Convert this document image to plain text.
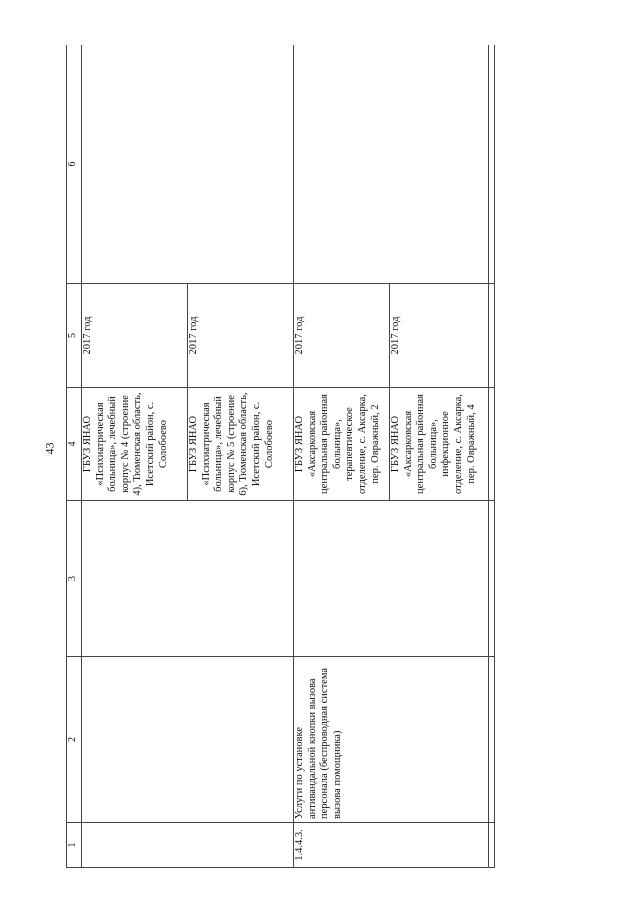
43
1	2	3	4	5	6
			ГБУЗ ЯНАО «Психиатрическая больница», лечебный корпус № 4 (строение 4), Тюменская область, Исетский район, с. Солобоево	2017 год	
			ГБУЗ ЯНАО «Психиатрическая больница», лечебный корпус № 5 (строение 6), Тюменская область, Исетский район, с. Солобоево	2017 год	
1.4.4.3.	Услуги по установке антивандальной кнопки вызова персонала (беспроводная система вызова помощника)		ГБУЗ ЯНАО «Аксарковская центральная районная больница», терапевтическое отделение, с. Аксарка, пер. Овражный, 2	2017 год	
			ГБУЗ ЯНАО «Аксарковская центральная районная больница», инфекционное отделение, с. Аксарка, пер. Овражный, 4	2017 год	
